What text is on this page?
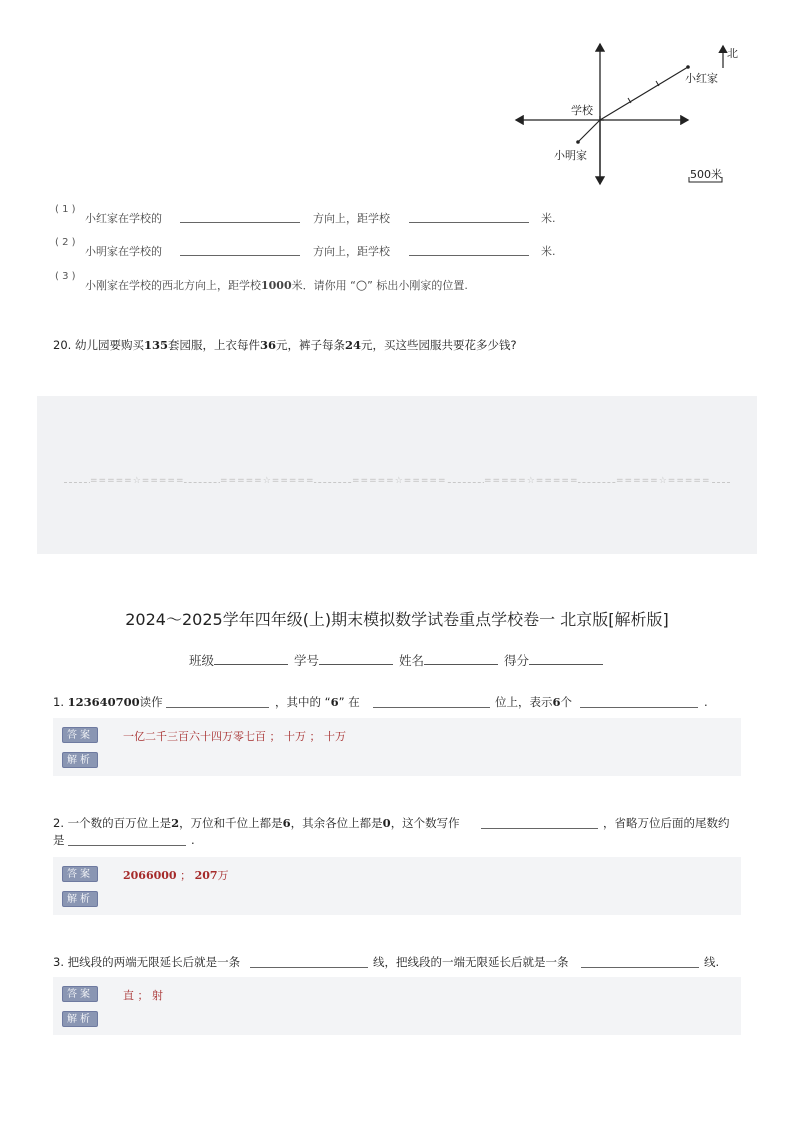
北
学校
小红家
小明家
500米
( 1 )
小红家在学校的	方向上，距学校	米.
( 2 )
小明家在学校的	方向上，距学校	米.
( 3 )
小刚家在学校的西北方向上，距学校1000米．请你用 “○” 标出小刚家的位置.
20. 幼儿园要购买135套园服，上衣每件36元，裤子每条24元，买这些园服共要花多少钱?
=====☆=====	=====☆=====	=====☆=====	=====☆=====	=====☆=====
2024～2025学年四年级(上)期末模拟数学试卷重点学校卷一 北京版[解析版]
班级	学号	姓名	得分
1. 123640700读作	，其中的 “6” 在	位上，表示6个	.
答案
解析
一亿二千三百六十四万零七百 ； 十万 ； 十万
2. 一个数的百万位上是2，万位和千位上都是6，其余各位上都是0，这个数写作	，省略万位后面的尾数约
是	.
答案
解析
2066000 ； 207万
3. 把线段的两端无限延长后就是一条	线，把线段的一端无限延长后就是一条	线.
答案
解析
直 ； 射
